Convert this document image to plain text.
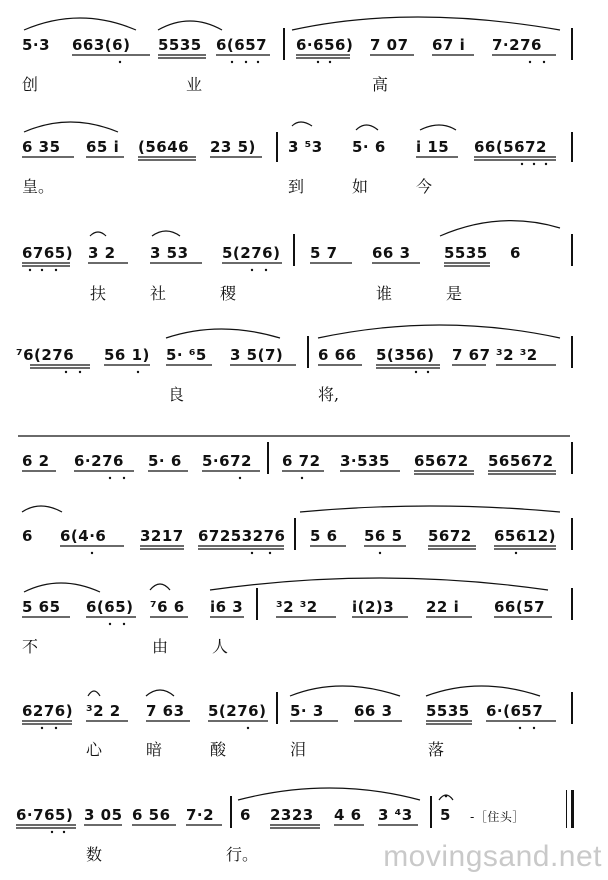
5·3 663(6) 5535 6(657 6·656) 7 07 67 i 7·276
创	业	高
6 35 65 i (5646 23 5) 3 ⁵3 5· 6 i 15 66(5672
皇。	到	如	今
6765) 3 2 3 53 5(276) 5 7 66 3 5535 6
扶	社	稷	谁	是
⁷6(276 56 1) 5· ⁶5 3 5(7) 6 66 5(356) 7 67 ³2 ³2
良	将,
6 2 6·276 5· 6 5·672 6 72 3·535 65672 565672
6 6(4·6 3217 67253276 5 6 56 5 5672 65612)
5 65 6(65) ⁷6 6 i6 3 ³2 ³2 i(2)3 22 i 66(57
不	由	人
6276) ³2 2 7 63 5(276) 5· 3 66 3 5535 6·(657
心	暗	酸	泪	落
6·765) 3 05 6 56 7·2 6 2323 4 6 3 ⁴3 5 -［住头］
数	行。	movingsand.net
